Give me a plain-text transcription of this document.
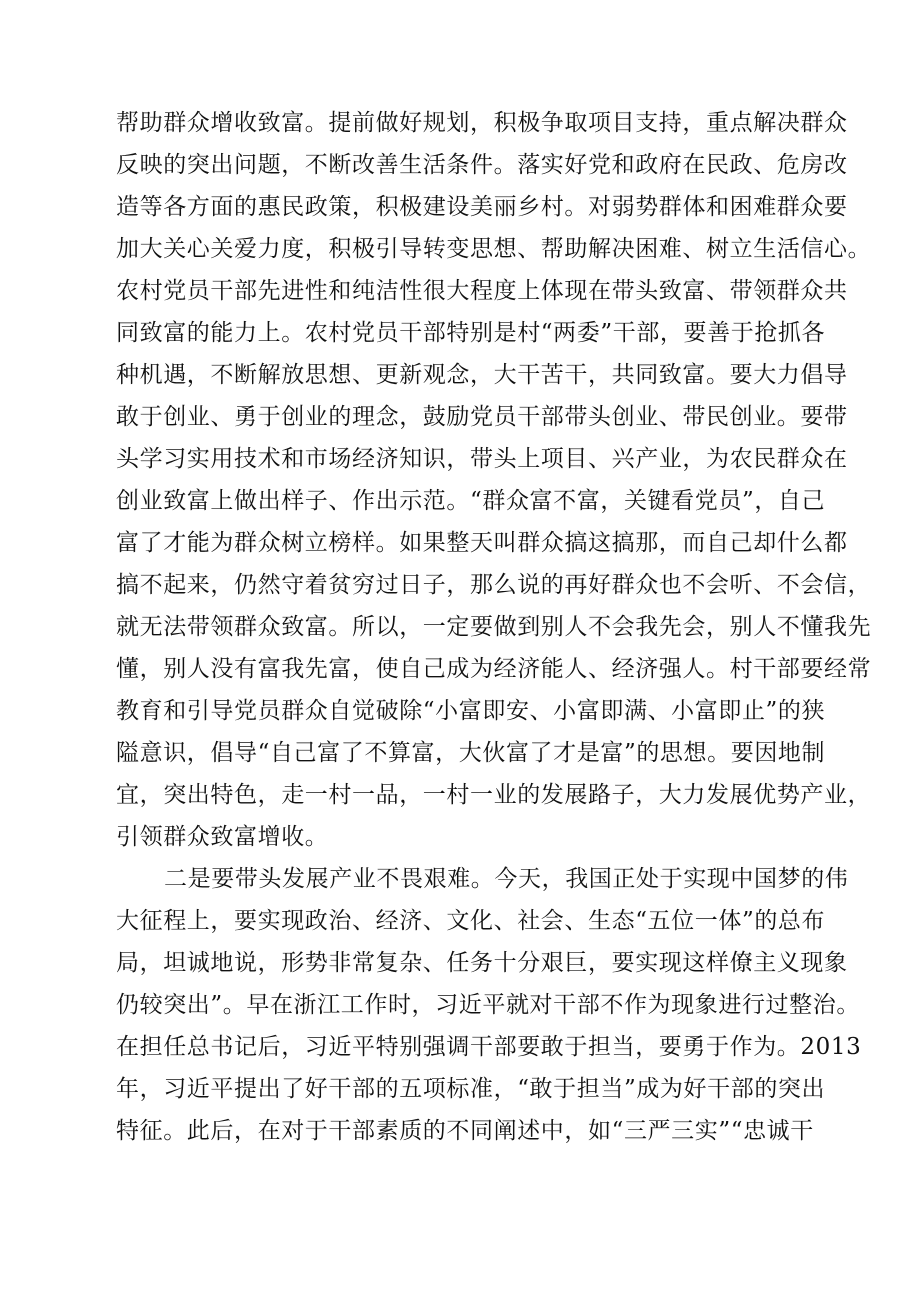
帮助群众增收致富。提前做好规划，积极争取项目支持，重点解决群众
反映的突出问题，不断改善生活条件。落实好党和政府在民政、危房改
造等各方面的惠民政策，积极建设美丽乡村。对弱势群体和困难群众要
加大关心关爱力度，积极引导转变思想、帮助解决困难、树立生活信心。
农村党员干部先进性和纯洁性很大程度上体现在带头致富、带领群众共
同致富的能力上。农村党员干部特别是村“两委”干部，要善于抢抓各
种机遇，不断解放思想、更新观念，大干苦干，共同致富。要大力倡导
敢于创业、勇于创业的理念，鼓励党员干部带头创业、带民创业。要带
头学习实用技术和市场经济知识，带头上项目、兴产业，为农民群众在
创业致富上做出样子、作出示范。“群众富不富，关键看党员”，自己
富了才能为群众树立榜样。如果整天叫群众搞这搞那，而自己却什么都
搞不起来，仍然守着贫穷过日子，那么说的再好群众也不会听、不会信，
就无法带领群众致富。所以，一定要做到别人不会我先会，别人不懂我先
懂，别人没有富我先富，使自己成为经济能人、经济强人。村干部要经常
教育和引导党员群众自觉破除“小富即安、小富即满、小富即止”的狭
隘意识，倡导“自己富了不算富，大伙富了才是富”的思想。要因地制
宜，突出特色，走一村一品，一村一业的发展路子，大力发展优势产业，
引领群众致富增收。
二是要带头发展产业不畏艰难。今天，我国正处于实现中国梦的伟
大征程上，要实现政治、经济、文化、社会、生态“五位一体”的总布
局，坦诚地说，形势非常复杂、任务十分艰巨，要实现这样僚主义现象
仍较突出”。早在浙江工作时，习近平就对干部不作为现象进行过整治。
在担任总书记后，习近平特别强调干部要敢于担当，要勇于作为。2013
年，习近平提出了好干部的五项标准，“敢于担当”成为好干部的突出
特征。此后，在对于干部素质的不同阐述中，如“三严三实”“忠诚干
